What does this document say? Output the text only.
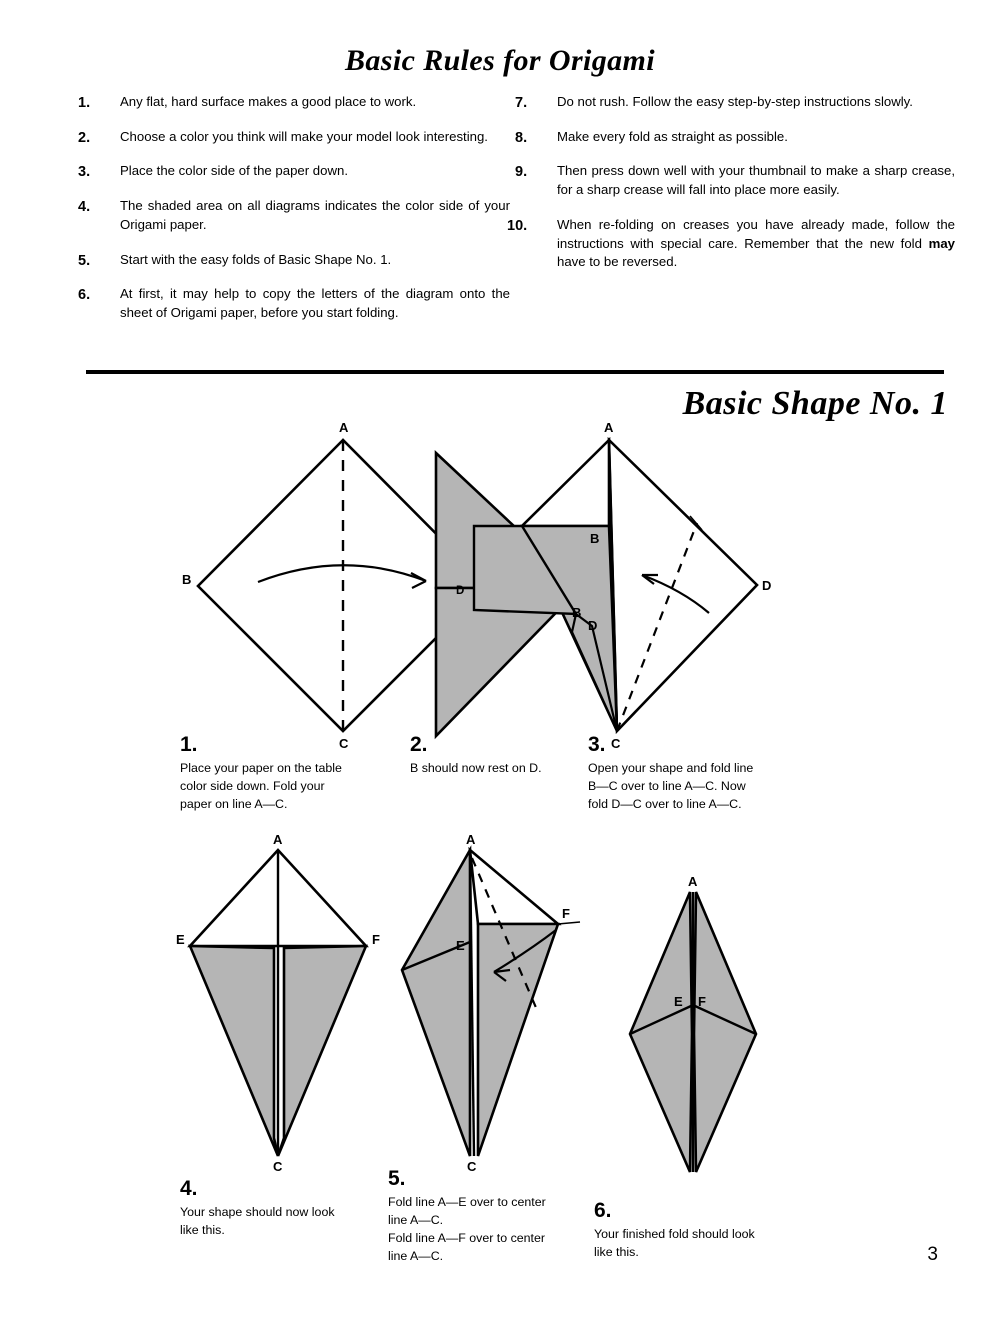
Basic Rules for Origami
1.	Any flat, hard surface makes a good place to work.
2.	Choose a color you think will make your model look interesting.
3.	Place the color side of the paper down.
4.	The shaded area on all diagrams indicates the color side of your Origami paper.
5.	Start with the easy folds of Basic Shape No. 1.
6.	At first, it may help to copy the letters of the diagram onto the sheet of Origami paper, before you start folding.
7.	Do not rush. Follow the easy step-by-step instructions slowly.
8.	Make every fold as straight as possible.
9.	Then press down well with your thumbnail to make a sharp crease, for a sharp crease will fall into place more easily.
10.	When re-folding on creases you have already made, follow the instructions with special care. Remember that the new fold may have to be reversed.
Basic Shape No. 1
A
B
C
D
A
B
B
D
D
C
1.
Place your paper on the table
color side down. Fold your
paper on line A—C.
2.
B should now rest on D.
3.
Open your shape and fold line
B—C over to line A—C. Now
fold D—C over to line A—C.
A
E	F
C
A
E
F
C
A
E F
4.
Your shape should now look
like this.
5.
Fold line A—E over to center
line A—C.
Fold line A—F over to center
line A—C.
6.
Your finished fold should look
like this.	3
